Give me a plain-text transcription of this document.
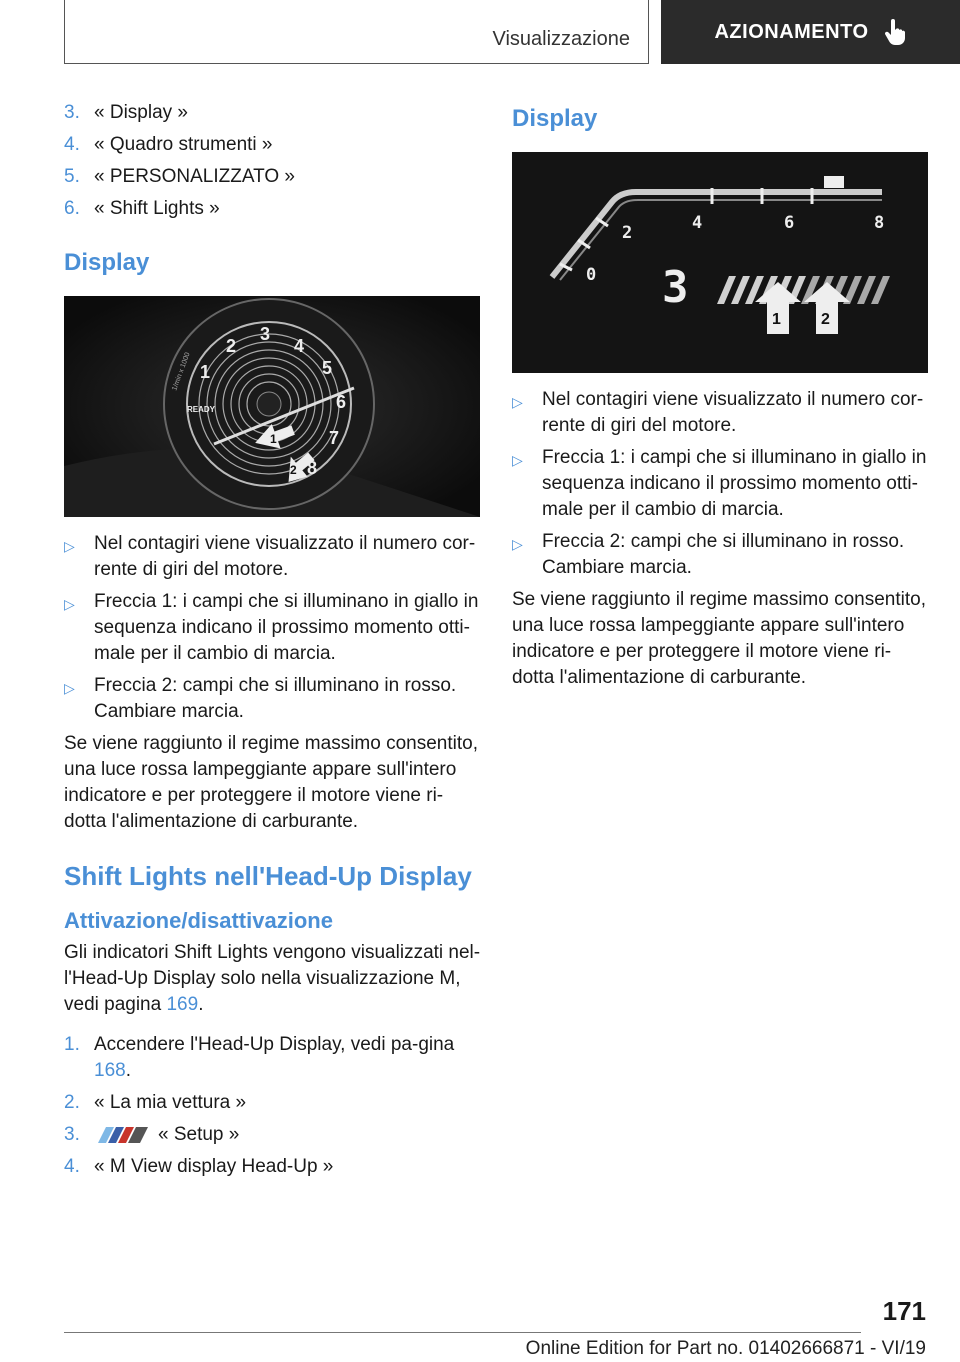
Visualizzazione	AZIONAMENTO
3. « Display »
4. « Quadro strumenti »
5. « PERSONALIZZATO »
6. « Shift Lights »
Display
1
2
3
4
5
6
7
8
READY
1/min x 1000
1
2
▷	Nel contagiri viene visualizzato il numero cor-rente di giri del motore.
▷	Freccia 1: i campi che si illuminano in giallo in sequenza indicano il prossimo momento otti-male per il cambio di marcia.
▷	Freccia 2: campi che si illuminano in rosso. Cambiare marcia.
Se viene raggiunto il regime massimo consentito, una luce rossa lampeggiante appare sull'intero indicatore e per proteggere il motore viene ri-dotta l'alimentazione di carburante.
Shift Lights nell'Head-Up Display
Attivazione/disattivazione
Gli indicatori Shift Lights vengono visualizzati nel-l'Head-Up Display solo nella visualizzazione M, vedi pagina 169.
1. Accendere l'Head-Up Display, vedi pa-gina 168.
2. « La mia vettura »
3.	« Setup »
4. « M View display Head-Up »
Display
0
2	4	6	8
3
1	2
▷	Nel contagiri viene visualizzato il numero cor-rente di giri del motore.
▷	Freccia 1: i campi che si illuminano in giallo in sequenza indicano il prossimo momento otti-male per il cambio di marcia.
▷	Freccia 2: campi che si illuminano in rosso. Cambiare marcia.
Se viene raggiunto il regime massimo consentito, una luce rossa lampeggiante appare sull'intero indicatore e per proteggere il motore viene ri-dotta l'alimentazione di carburante.
171
Online Edition for Part no. 01402666871 - VI/19
